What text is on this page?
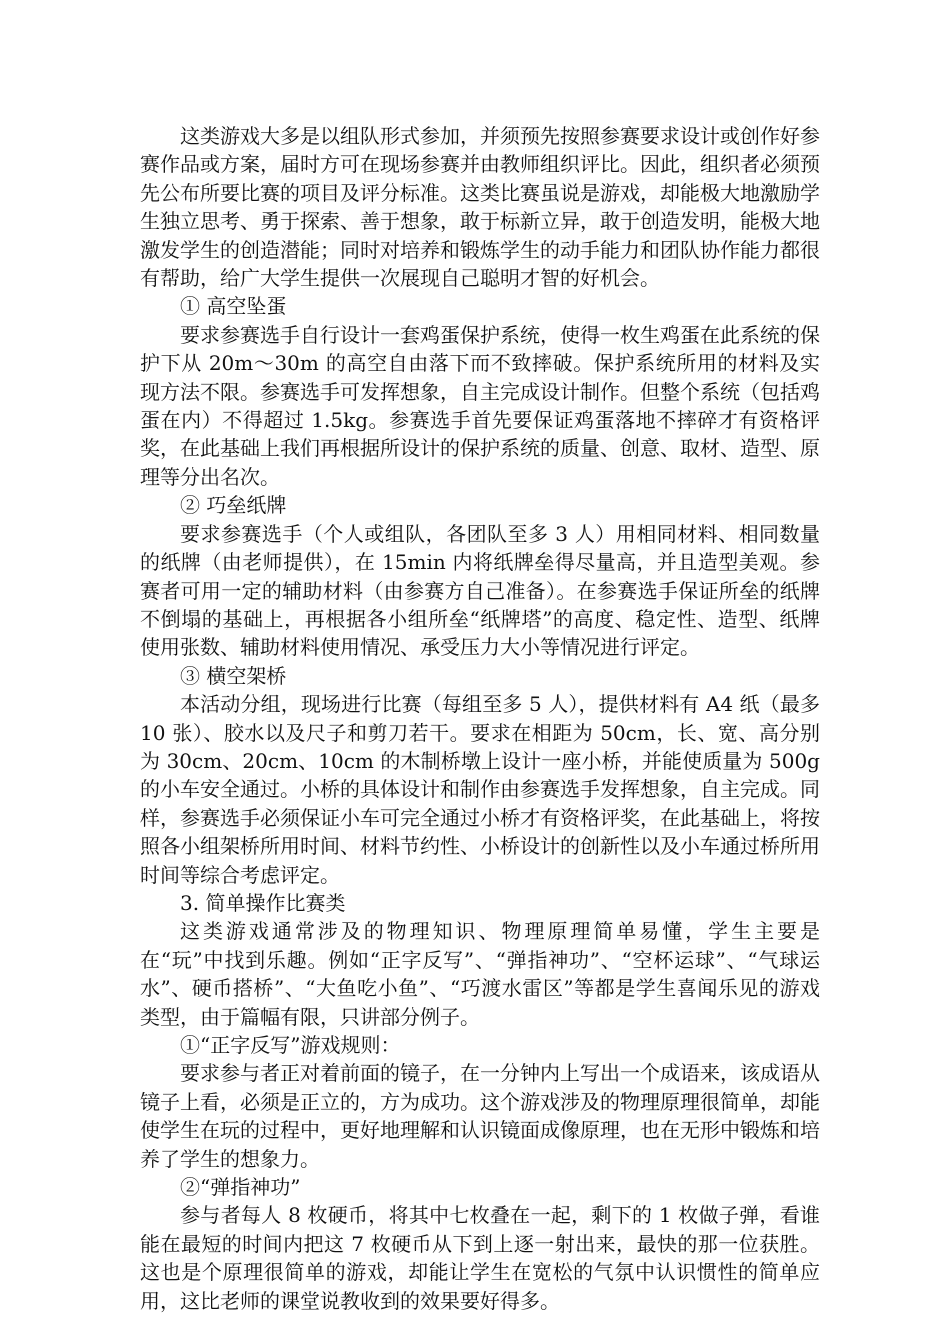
这类游戏大多是以组队形式参加，并须预先按照参赛要求设计或创作好参赛作品或方案，届时方可在现场参赛并由教师组织评比。因此，组织者必须预先公布所要比赛的项目及评分标准。这类比赛虽说是游戏，却能极大地激励学生独立思考、勇于探索、善于想象，敢于标新立异，敢于创造发明，能极大地激发学生的创造潜能；同时对培养和锻炼学生的动手能力和团队协作能力都很有帮助，给广大学生提供一次展现自己聪明才智的好机会。

① 高空坠蛋

要求参赛选手自行设计一套鸡蛋保护系统，使得一枚生鸡蛋在此系统的保护下从 20m～30m 的高空自由落下而不致摔破。保护系统所用的材料及实现方法不限。参赛选手可发挥想象，自主完成设计制作。但整个系统（包括鸡蛋在内）不得超过 1.5kg。参赛选手首先要保证鸡蛋落地不摔碎才有资格评奖，在此基础上我们再根据所设计的保护系统的质量、创意、取材、造型、原理等分出名次。

② 巧垒纸牌

要求参赛选手（个人或组队，各团队至多 3 人）用相同材料、相同数量的纸牌（由老师提供），在 15min 内将纸牌垒得尽量高，并且造型美观。参赛者可用一定的辅助材料（由参赛方自己准备）。在参赛选手保证所垒的纸牌不倒塌的基础上，再根据各小组所垒“纸牌塔”的高度、稳定性、造型、纸牌使用张数、辅助材料使用情况、承受压力大小等情况进行评定。

③ 横空架桥

本活动分组，现场进行比赛（每组至多 5 人），提供材料有 A4 纸（最多 10 张）、胶水以及尺子和剪刀若干。要求在相距为 50cm，长、宽、高分别为 30cm、20cm、10cm 的木制桥墩上设计一座小桥，并能使质量为 500g 的小车安全通过。小桥的具体设计和制作由参赛选手发挥想象，自主完成。同样，参赛选手必须保证小车可完全通过小桥才有资格评奖，在此基础上，将按照各小组架桥所用时间、材料节约性、小桥设计的创新性以及小车通过桥所用时间等综合考虑评定。

3. 简单操作比赛类

这类游戏通常涉及的物理知识、物理原理简单易懂，学生主要是在“玩”中找到乐趣。例如“正字反写”、“弹指神功”、“空杯运球”、“气球运水”、硬币搭桥”、“大鱼吃小鱼”、“巧渡水雷区”等都是学生喜闻乐见的游戏类型，由于篇幅有限，只讲部分例子。

①“正字反写”游戏规则：

要求参与者正对着前面的镜子，在一分钟内上写出一个成语来，该成语从镜子上看，必须是正立的，方为成功。这个游戏涉及的物理原理很简单，却能使学生在玩的过程中，更好地理解和认识镜面成像原理，也在无形中锻炼和培养了学生的想象力。

②“弹指神功”

参与者每人 8 枚硬币，将其中七枚叠在一起，剩下的 1 枚做子弹，看谁能在最短的时间内把这 7 枚硬币从下到上逐一射出来，最快的那一位获胜。这也是个原理很简单的游戏，却能让学生在宽松的气氛中认识惯性的简单应用，这比老师的课堂说教收到的效果要好得多。
